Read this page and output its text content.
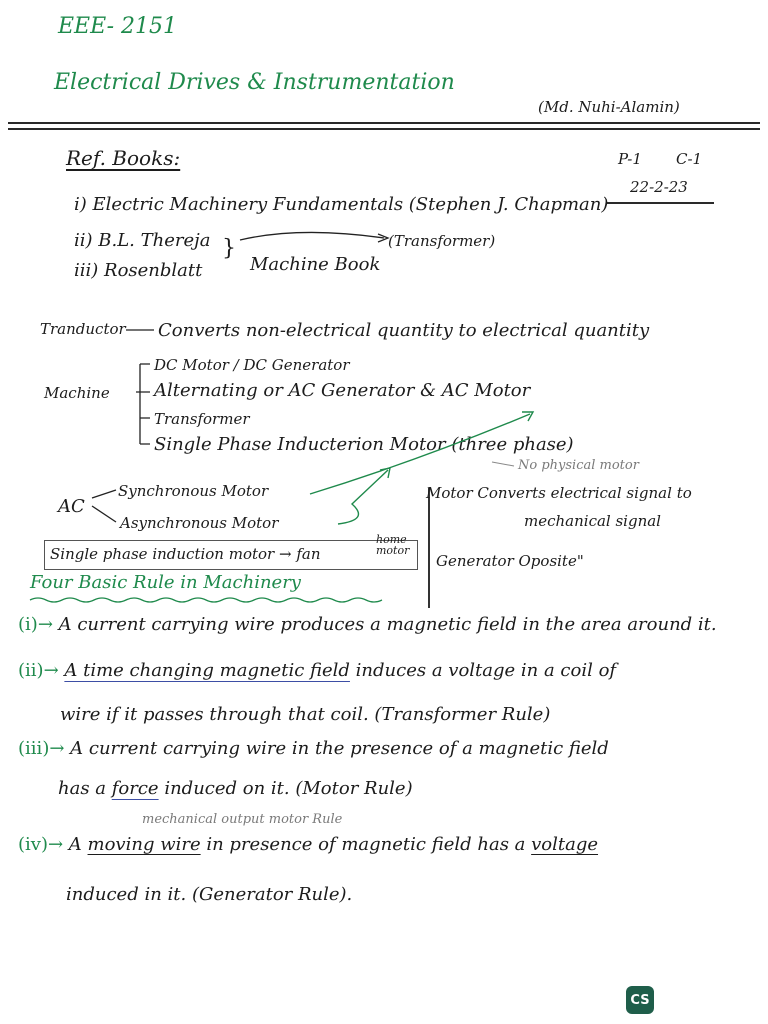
EEE- 2151
Electrical Drives & Instrumentation
(Md. Nuhi-Alamin)
P-1 C-1
22-2-23
Ref. Books:
i) Electric Machinery Fundamentals (Stephen J. Chapman)
ii) B.L. Thereja
iii) Rosenblatt
(Transformer)
Machine Book
}
Tranductor Converts non-electrical quantity to electrical quantity
Machine
DC Motor / DC Generator
Alternating or AC Generator & AC Motor
Transformer
Single Phase Inducterion Motor (three phase)
No physical motor
AC
Synchronous Motor
Asynchronous Motor
Single phase induction motor → fan
home motor
Motor Converts electrical signal to
mechanical signal
Generator Oposite"
Four Basic Rule in Machinery
(i)→ A current carrying wire produces a magnetic field in the area around it.
(ii)→ A time changing magnetic field induces a voltage in a coil of
wire if it passes through that coil. (Transformer Rule)
(iii)→ A current carrying wire in the presence of a magnetic field
has a force induced on it. (Motor Rule)
mechanical output motor Rule
(iv)→ A moving wire in presence of magnetic field has a voltage
induced in it. (Generator Rule).
CS
